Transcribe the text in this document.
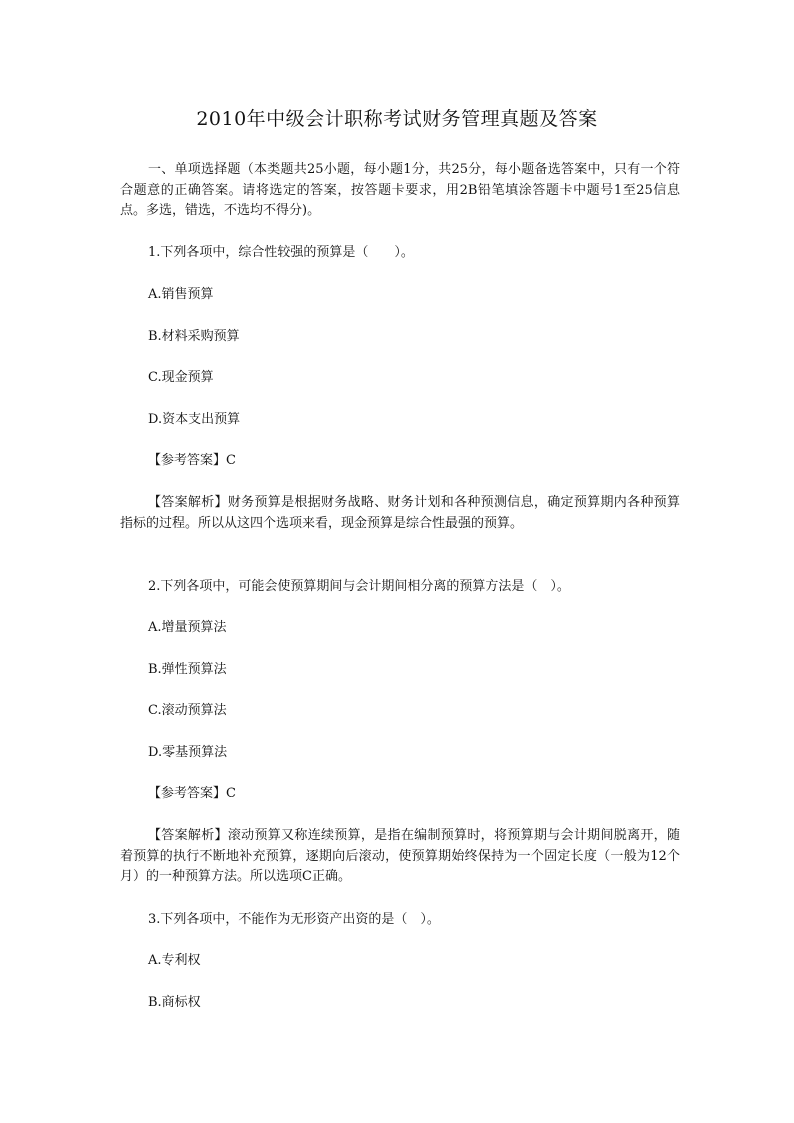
2010年中级会计职称考试财务管理真题及答案

一、单项选择题（本类题共25小题，每小题1分，共25分，每小题备选答案中，只有一个符合题意的正确答案。请将选定的答案，按答题卡要求，用2B铅笔填涂答题卡中题号1至25信息点。多选，错选，不选均不得分)。

1.下列各项中，综合性较强的预算是（　　）。

A.销售预算

B.材料采购预算

C.现金预算

D.资本支出预算

【参考答案】C

【答案解析】财务预算是根据财务战略、财务计划和各种预测信息，确定预算期内各种预算指标的过程。所以从这四个选项来看，现金预算是综合性最强的预算。

2.下列各项中，可能会使预算期间与会计期间相分离的预算方法是（　）。

A.增量预算法

B.弹性预算法

C.滚动预算法

D.零基预算法

【参考答案】C

【答案解析】滚动预算又称连续预算，是指在编制预算时，将预算期与会计期间脱离开，随着预算的执行不断地补充预算，逐期向后滚动，使预算期始终保持为一个固定长度（一般为12个月）的一种预算方法。所以选项C正确。

3.下列各项中，不能作为无形资产出资的是（　）。

A.专利权

B.商标权
